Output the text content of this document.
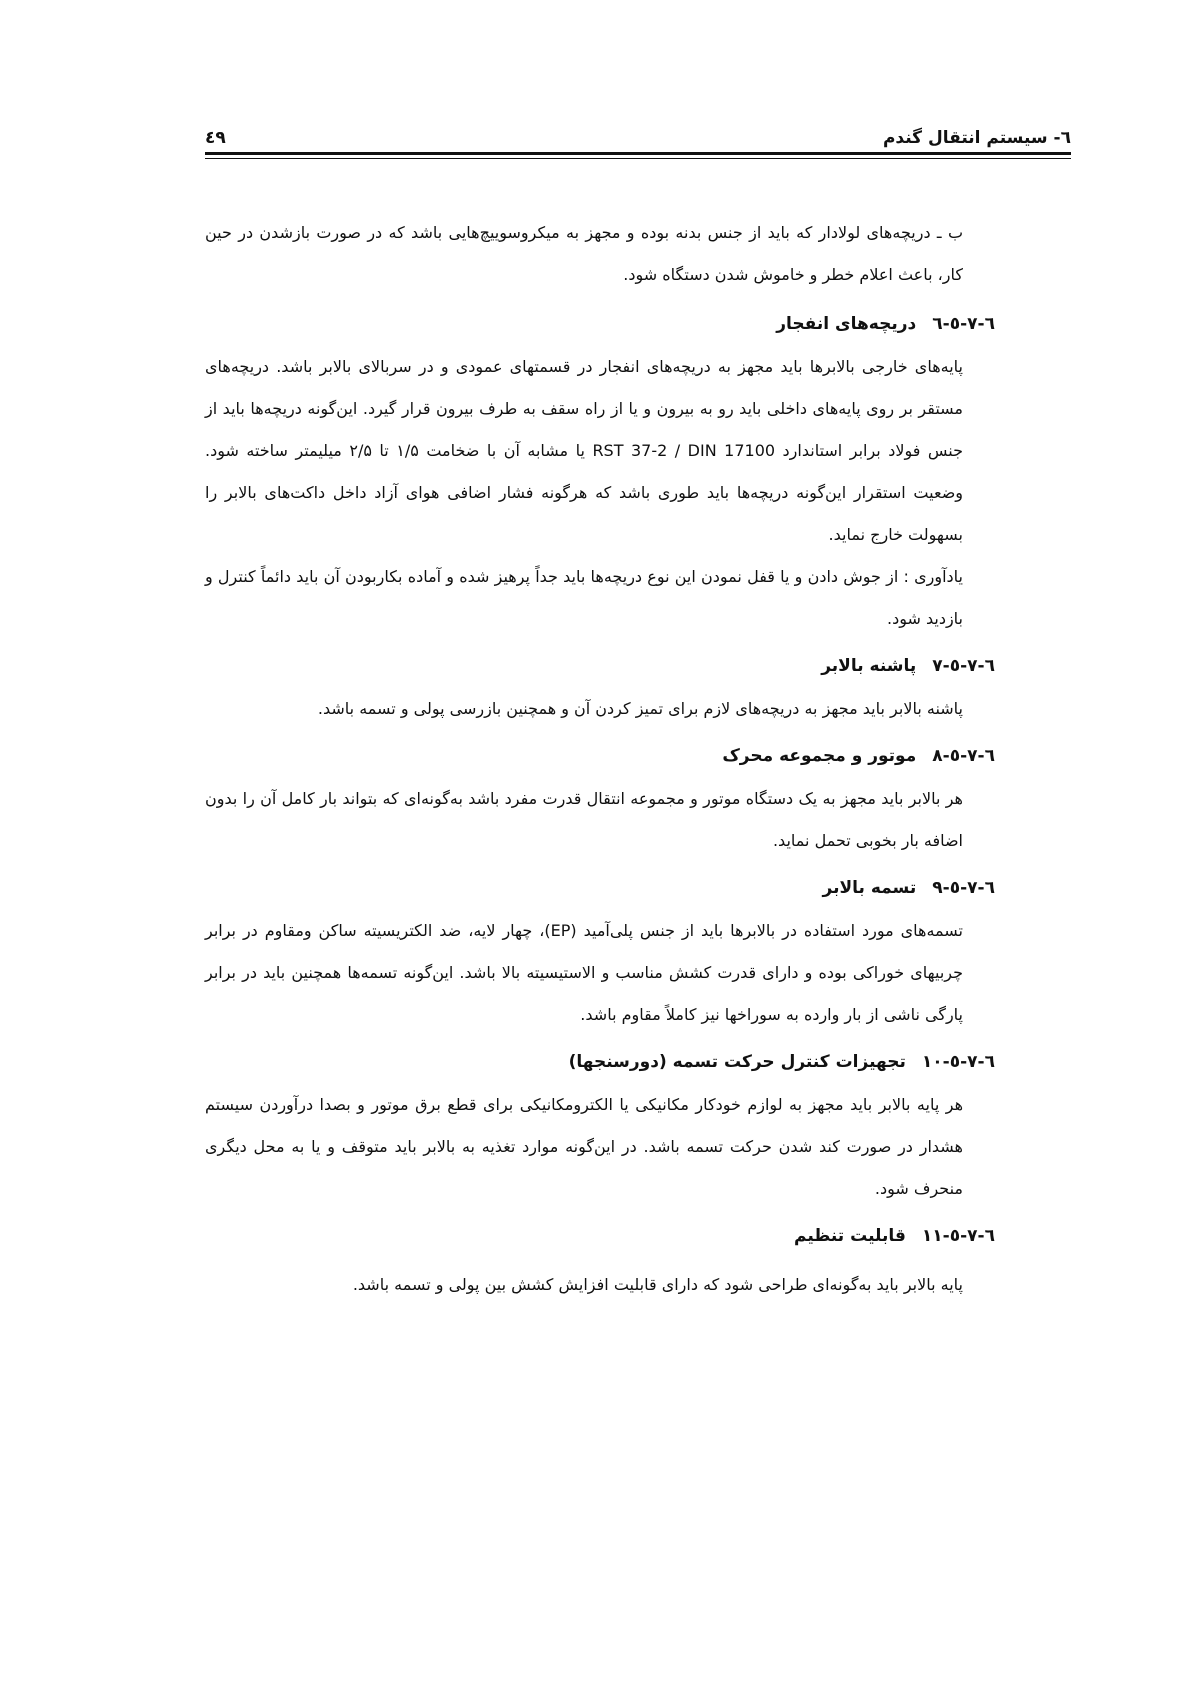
٤٩	٦- سیستم انتقال گندم

ب ـ دریچه‌های لولادار که باید از جنس بدنه بوده و مجهز به میکروسوییچ‌هایی باشد که در صورت بازشدن در حین کار، باعث اعلام خطر و خاموش شدن دستگاه شود.

٦-٧-٥-٦
دریچه‌های انفجار

پایه‌های خارجی بالابرها باید مجهز به دریچه‌های انفجار در قسمتهای عمودی و در سربالای بالابر باشد. دریچه‌های مستقر بر روی پایه‌های داخلی باید رو به بیرون و یا از راه سقف به طرف بیرون قرار گیرد. این‌گونه دریچه‌ها باید از جنس فولاد برابر استاندارد RST 37-2 / DIN 17100 یا مشابه آن با ضخامت ۱/۵ تا ۲/۵ میلیمتر ساخته شود. وضعیت استقرار این‌گونه دریچه‌ها باید طوری باشد که هرگونه فشار اضافی هوای آزاد داخل داکت‌های بالابر را بسهولت خارج نماید.

یادآوری : از جوش دادن و یا قفل نمودن این نوع دریچه‌ها باید جداً پرهیز شده و آماده بکاربودن آن باید دائماً کنترل و بازدید شود.

٦-٧-٥-٧
پاشنه بالابر

پاشنه بالابر باید مجهز به دریچه‌های لازم برای تمیز کردن آن و همچنین بازرسی پولی و تسمه باشد.

٦-٧-٥-٨
موتور و مجموعه محرک

هر بالابر باید مجهز به یک دستگاه موتور و مجموعه انتقال قدرت مفرد باشد به‌گونه‌ای که بتواند بار کامل آن را بدون اضافه بار بخوبی تحمل نماید.

٦-٧-٥-٩
تسمه بالابر

تسمه‌های مورد استفاده در بالابرها باید از جنس پلی‌آمید (EP)، چهار لایه، ضد الکتریسیته ساکن ومقاوم در برابر چربیهای خوراکی بوده و دارای قدرت کشش مناسب و الاستیسیته بالا باشد. این‌گونه تسمه‌ها همچنین باید در برابر پارگی ناشی از بار وارده به سوراخها نیز کاملاً مقاوم باشد.

٦-٧-٥-١٠
تجهیزات کنترل حرکت تسمه (دورسنجها)

هر پایه بالابر باید مجهز به لوازم خودکار مکانیکی یا الکترومکانیکی برای قطع برق موتور و بصدا درآوردن سیستم هشدار در صورت کند شدن حرکت تسمه باشد. در این‌گونه موارد تغذیه به بالابر باید متوقف و یا به محل دیگری منحرف شود.

٦-٧-٥-١١
قابلیت تنظیم

پایه بالابر باید به‌گونه‌ای طراحی شود که دارای قابلیت افزایش کشش بین پولی و تسمه باشد.
